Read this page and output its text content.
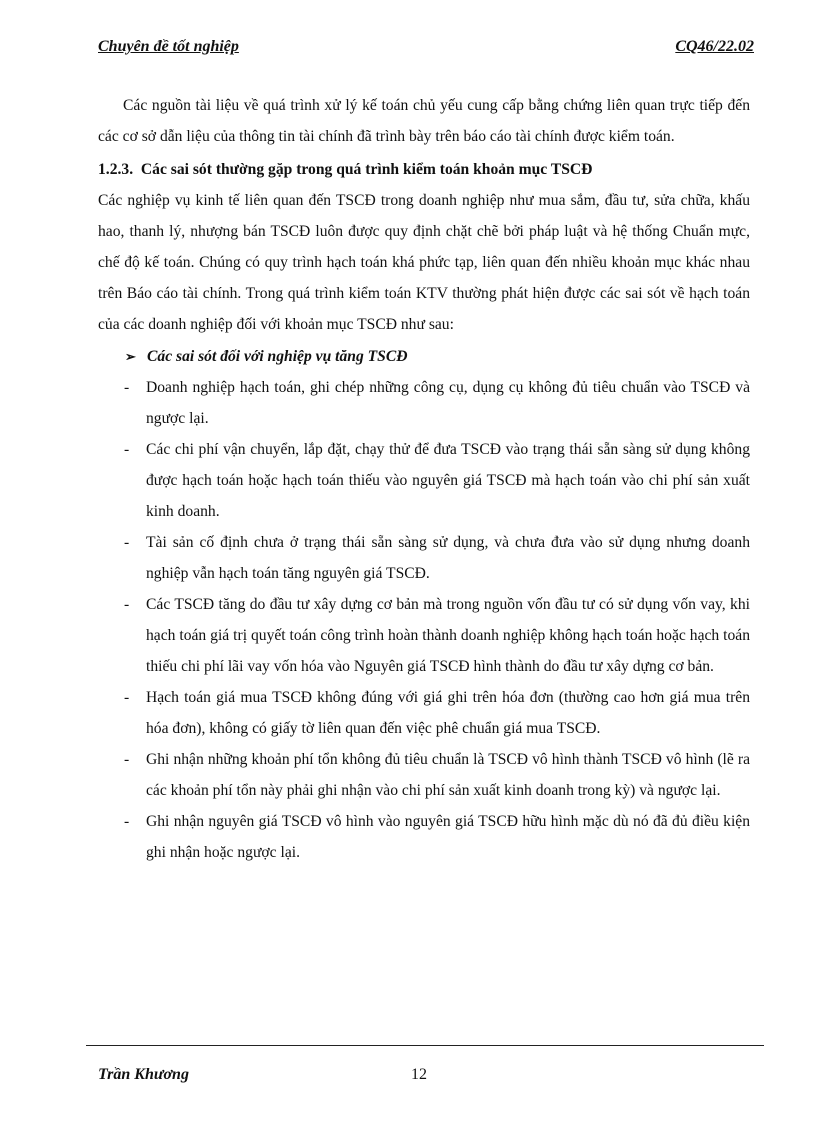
Chuyên đề tốt nghiệp	CQ46/22.02

Các nguồn tài liệu về quá trình xử lý kế toán chủ yếu cung cấp bằng chứng liên quan trực tiếp đến các cơ sở dẫn liệu của thông tin tài chính đã trình bày trên báo cáo tài chính được kiểm toán.

1.2.3. Các sai sót thường gặp trong quá trình kiểm toán khoản mục TSCĐ

Các nghiệp vụ kinh tế liên quan đến TSCĐ trong doanh nghiệp như mua sắm, đầu tư, sửa chữa, khấu hao, thanh lý, nhượng bán TSCĐ luôn được quy định chặt chẽ bởi pháp luật và hệ thống Chuẩn mực, chế độ kế toán. Chúng có quy trình hạch toán khá phức tạp, liên quan đến nhiều khoản mục khác nhau trên Báo cáo tài chính. Trong quá trình kiểm toán KTV thường phát hiện được các sai sót về hạch toán của các doanh nghiệp đối với khoản mục TSCĐ như sau:

➢ Các sai sót đối với nghiệp vụ tăng TSCĐ

- Doanh nghiệp hạch toán, ghi chép những công cụ, dụng cụ không đủ tiêu chuẩn vào TSCĐ và ngược lại.

- Các chi phí vận chuyển, lắp đặt, chạy thử để đưa TSCĐ vào trạng thái sẵn sàng sử dụng không được hạch toán hoặc hạch toán thiếu vào nguyên giá TSCĐ mà hạch toán vào chi phí sản xuất kinh doanh.

- Tài sản cố định chưa ở trạng thái sẵn sàng sử dụng, và chưa đưa vào sử dụng nhưng doanh nghiệp vẫn hạch toán tăng nguyên giá TSCĐ.

- Các TSCĐ tăng do đầu tư xây dựng cơ bản mà trong nguồn vốn đầu tư có sử dụng vốn vay, khi hạch toán giá trị quyết toán công trình hoàn thành doanh nghiệp không hạch toán hoặc hạch toán thiếu chi phí lãi vay vốn hóa vào Nguyên giá TSCĐ hình thành do đầu tư xây dựng cơ bản.

- Hạch toán giá mua TSCĐ không đúng với giá ghi trên hóa đơn (thường cao hơn giá mua trên hóa đơn), không có giấy tờ liên quan đến việc phê chuẩn giá mua TSCĐ.

- Ghi nhận những khoản phí tổn không đủ tiêu chuẩn là TSCĐ vô hình thành TSCĐ vô hình (lẽ ra các khoản phí tổn này phải ghi nhận vào chi phí sản xuất kinh doanh trong kỳ) và ngược lại.

- Ghi nhận nguyên giá TSCĐ vô hình vào nguyên giá TSCĐ hữu hình mặc dù nó đã đủ điều kiện ghi nhận hoặc ngược lại.

Trần Khương	12
